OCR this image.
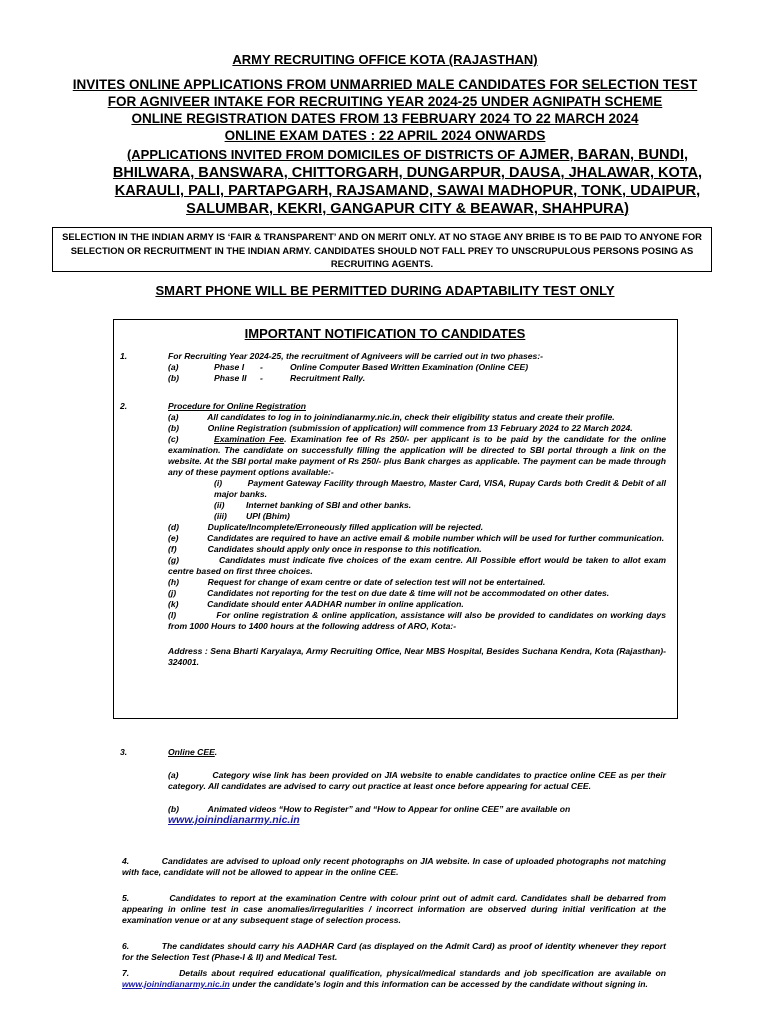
ARMY RECRUITING OFFICE KOTA (RAJASTHAN)
INVITES ONLINE APPLICATIONS FROM UNMARRIED MALE CANDIDATES FOR SELECTION TEST
FOR AGNIVEER INTAKE FOR RECRUITING YEAR 2024-25 UNDER AGNIPATH SCHEME
ONLINE REGISTRATION DATES FROM 13 FEBRUARY 2024 TO 22 MARCH 2024
ONLINE EXAM DATES : 22 APRIL 2024 ONWARDS
(APPLICATIONS INVITED FROM DOMICILES OF DISTRICTS OF AJMER, BARAN, BUNDI, BHILWARA, BANSWARA, CHITTORGARH, DUNGARPUR, DAUSA, JHALAWAR, KOTA, KARAULI, PALI, PARTAPGARH, RAJSAMAND, SAWAI MADHOPUR, TONK, UDAIPUR, SALUMBAR, KEKRI, GANGAPUR CITY & BEAWAR, SHAHPURA)
SELECTION IN THE INDIAN ARMY IS ‘FAIR & TRANSPARENT’ AND ON MERIT ONLY. AT NO STAGE ANY BRIBE IS TO BE PAID TO ANYONE FOR SELECTION OR RECRUITMENT IN THE INDIAN ARMY. CANDIDATES SHOULD NOT FALL PREY TO UNSCRUPULOUS PERSONS POSING AS RECRUITING AGENTS.
SMART PHONE WILL BE PERMITTED DURING ADAPTABILITY TEST ONLY
IMPORTANT NOTIFICATION TO CANDIDATES
1.	For Recruiting Year 2024-25, the recruitment of Agniveers will be carried out in two phases:-
(a)	Phase I -	Online Computer Based Written Examination (Online CEE)
(b)	Phase II -	Recruitment Rally.
2.	Procedure for Online Registration
(a)            All candidates to log in to joinindianarmy.nic.in, check their eligibility status and create their profile.
(b)            Online Registration (submission of application) will commence from 13 February 2024 to 22 March 2024.
(c)	Examination Fee. Examination fee of Rs 250/- per applicant is to be paid by the candidate for the online examination. The candidate on successfully filling the application will be directed to SBI portal through a link on the website. At the SBI portal make payment of Rs 250/- plus Bank charges as applicable. The payment can be made through any of these payment options available:-
(i)          Payment Gateway Facility through Maestro, Master Card, VISA, Rupay Cards both Credit & Debit of all major banks.
(ii)         Internet banking of SBI and other banks.
(iii)        UPI (Bhim)
(d)            Duplicate/Incomplete/Erroneously filled application will be rejected.
(e)            Candidates are required to have an active email & mobile number which will be used for further communication.
(f)             Candidates should apply only once in response to this notification.
(g)            Candidates must indicate five choices of the exam centre. All Possible effort would be taken to allot exam centre based on first three choices.
(h)            Request for change of exam centre or date of selection test will not be entertained.
(j)             Candidates not reporting for the test on due date & time will not be accommodated on other dates.
(k)            Candidate should enter AADHAR number in online application.
(l)             For online registration & online application, assistance will also be provided to candidates on working days from 1000 Hours to 1400 hours at the following address of ARO, Kota:-
Address : Sena Bharti Karyalaya, Army Recruiting Office, Near MBS Hospital, Besides Suchana Kendra, Kota (Rajasthan)- 324001.
3.	Online CEE.
(a)            Category wise link has been provided on JIA website to enable candidates to practice online CEE as per their category. All candidates are advised to carry out practice at least once before appearing for actual CEE.
(b)            Animated videos “How to Register” and “How to Appear for online CEE” are available on
www.joinindianarmy.nic.in
4.            Candidates are advised to upload only recent photographs on JIA website. In case of uploaded photographs not matching with face, candidate will not be allowed to appear in the online CEE.
5.            Candidates to report at the examination Centre with colour print out of admit card. Candidates shall be debarred from appearing in online test in case anomalies/irregularities / incorrect information are observed during initial verification at the examination venue or at any subsequent stage of selection process.
6.            The candidates should carry his AADHAR Card (as displayed on the Admit Card) as proof of identity whenever they report for the Selection Test (Phase-I & II) and Medical Test.
7.            Details about required educational qualification, physical/medical standards and job specification are available on www.joinindianarmy.nic.in under the candidate’s login and this information can be accessed by the candidate without signing in.
